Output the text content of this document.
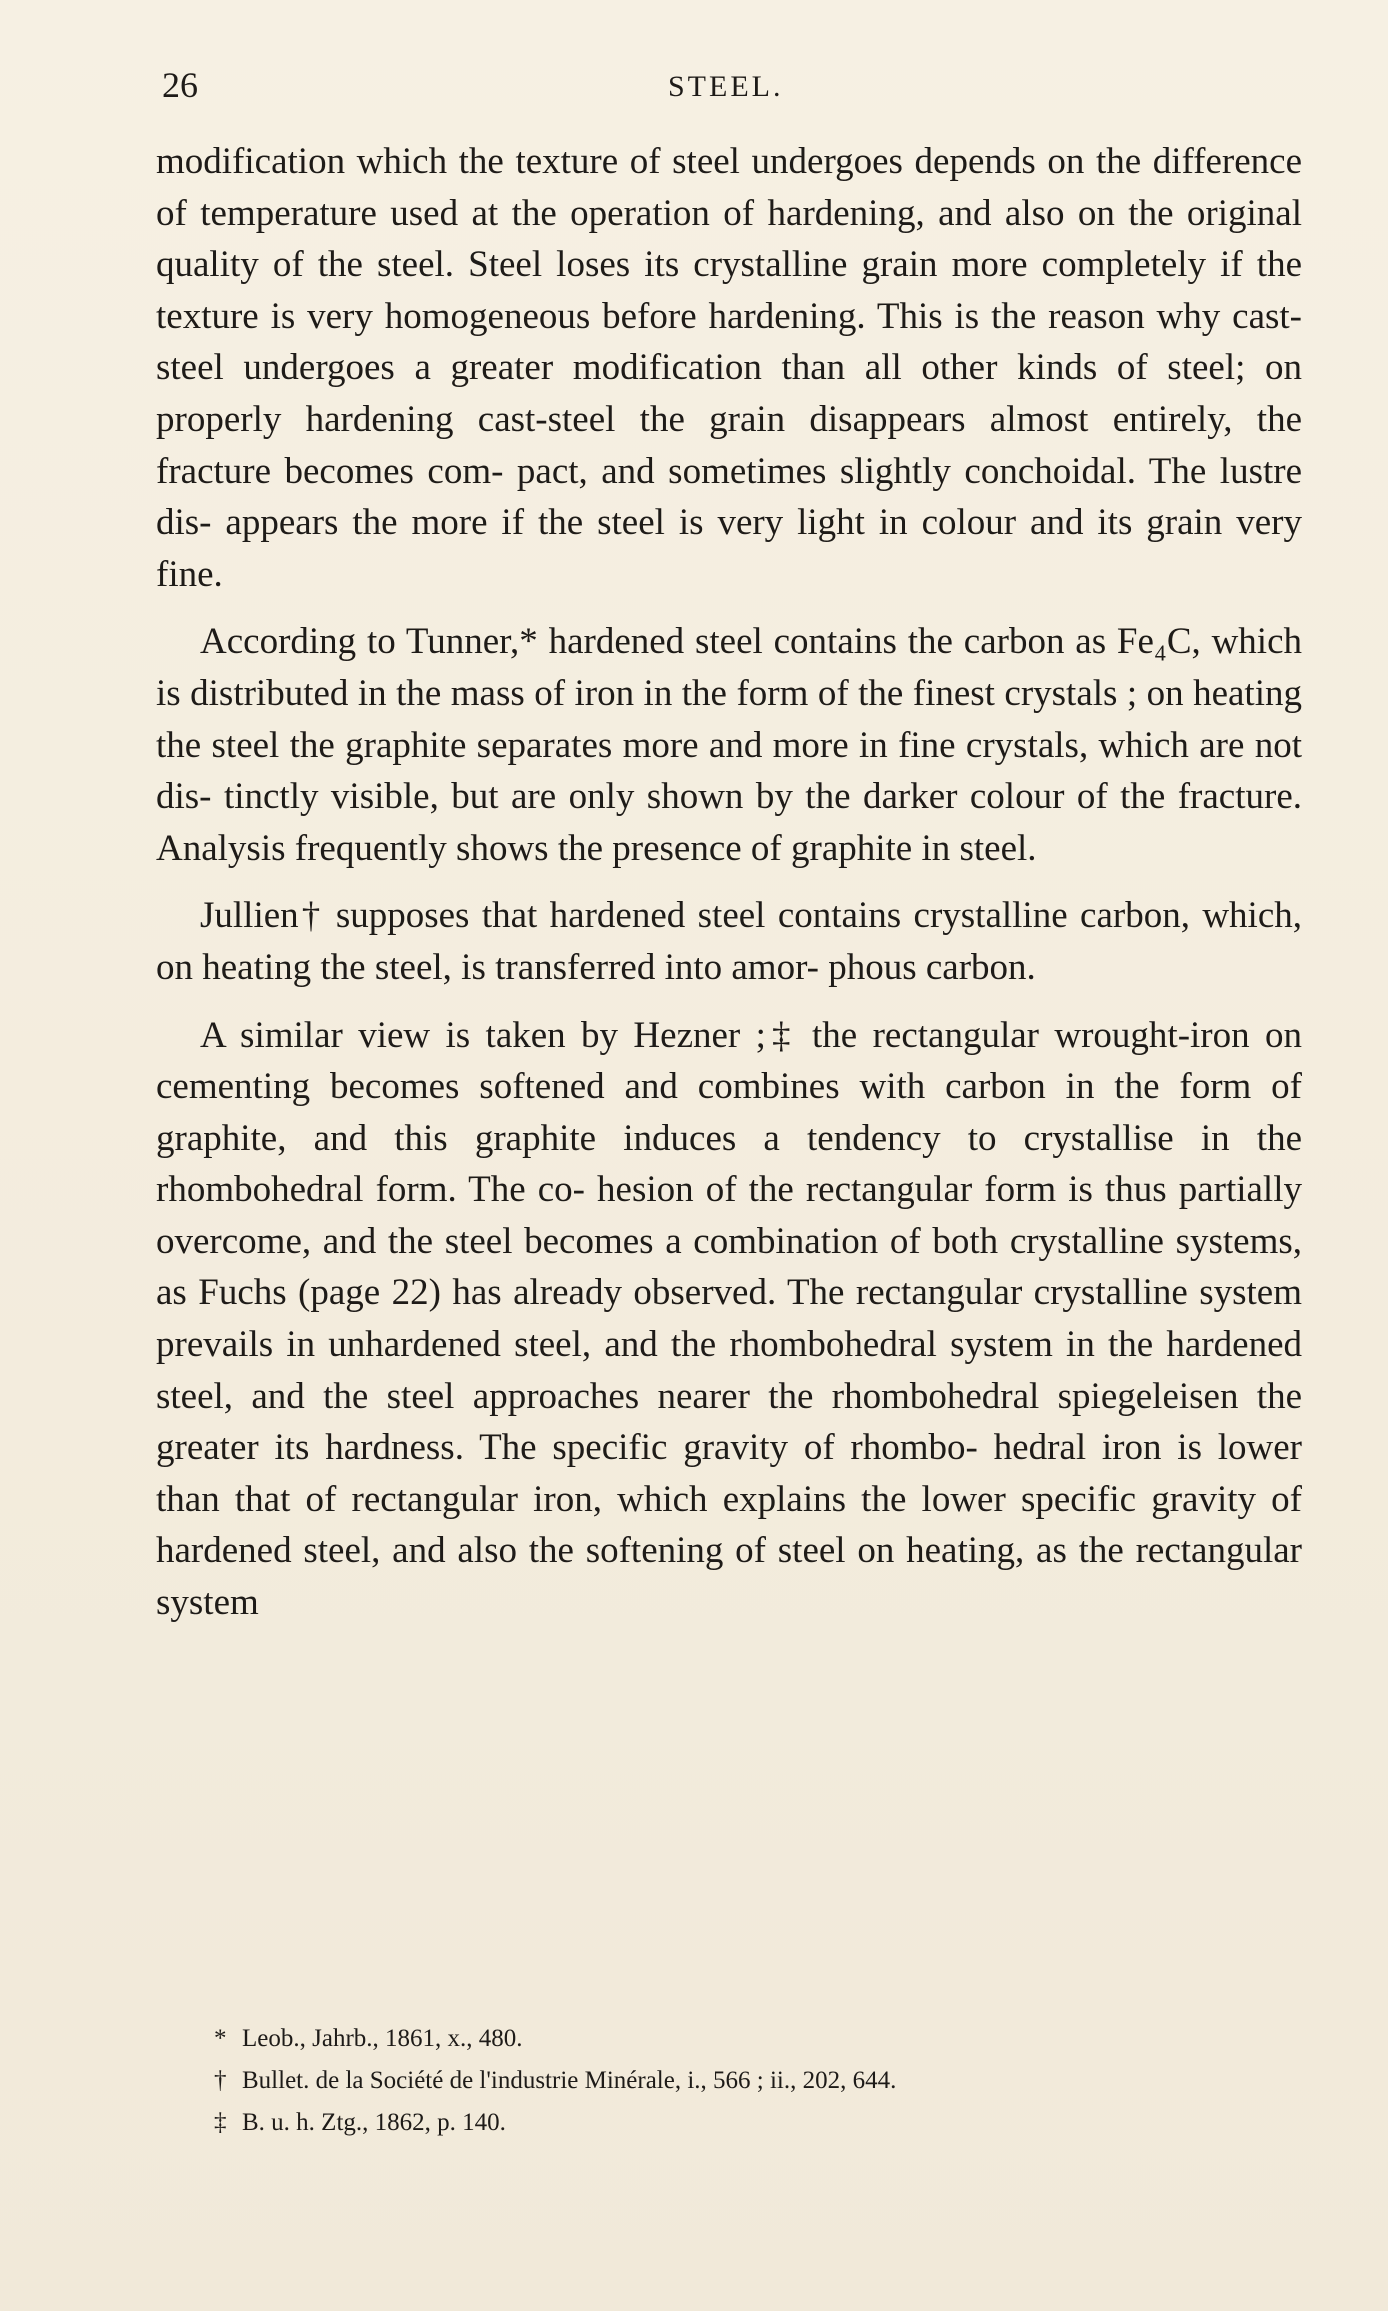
26	STEEL.

modification which the texture of steel undergoes depends on the difference of temperature used at the operation of hardening, and also on the original quality of the steel. Steel loses its crystalline grain more completely if the texture is very homogeneous before hardening. This is the reason why cast-steel undergoes a greater modification than all other kinds of steel; on properly hardening cast-steel the grain disappears almost entirely, the fracture becomes com- pact, and sometimes slightly conchoidal. The lustre dis- appears the more if the steel is very light in colour and its grain very fine.

According to Tunner,* hardened steel contains the carbon as Fe₄C, which is distributed in the mass of iron in the form of the finest crystals ; on heating the steel the graphite separates more and more in fine crystals, which are not dis- tinctly visible, but are only shown by the darker colour of the fracture. Analysis frequently shows the presence of graphite in steel.

Jullien† supposes that hardened steel contains crystalline carbon, which, on heating the steel, is transferred into amor- phous carbon.

A similar view is taken by Hezner ;‡ the rectangular wrought-iron on cementing becomes softened and combines with carbon in the form of graphite, and this graphite induces a tendency to crystallise in the rhombohedral form. The co- hesion of the rectangular form is thus partially overcome, and the steel becomes a combination of both crystalline systems, as Fuchs (page 22) has already observed. The rectangular crystalline system prevails in unhardened steel, and the rhombohedral system in the hardened steel, and the steel approaches nearer the rhombohedral spiegeleisen the greater its hardness. The specific gravity of rhombo- hedral iron is lower than that of rectangular iron, which explains the lower specific gravity of hardened steel, and also the softening of steel on heating, as the rectangular system

* Leob., Jahrb., 1861, x., 480.
† Bullet. de la Société de l'industrie Minérale, i., 566 ; ii., 202, 644.
‡ B. u. h. Ztg., 1862, p. 140.
